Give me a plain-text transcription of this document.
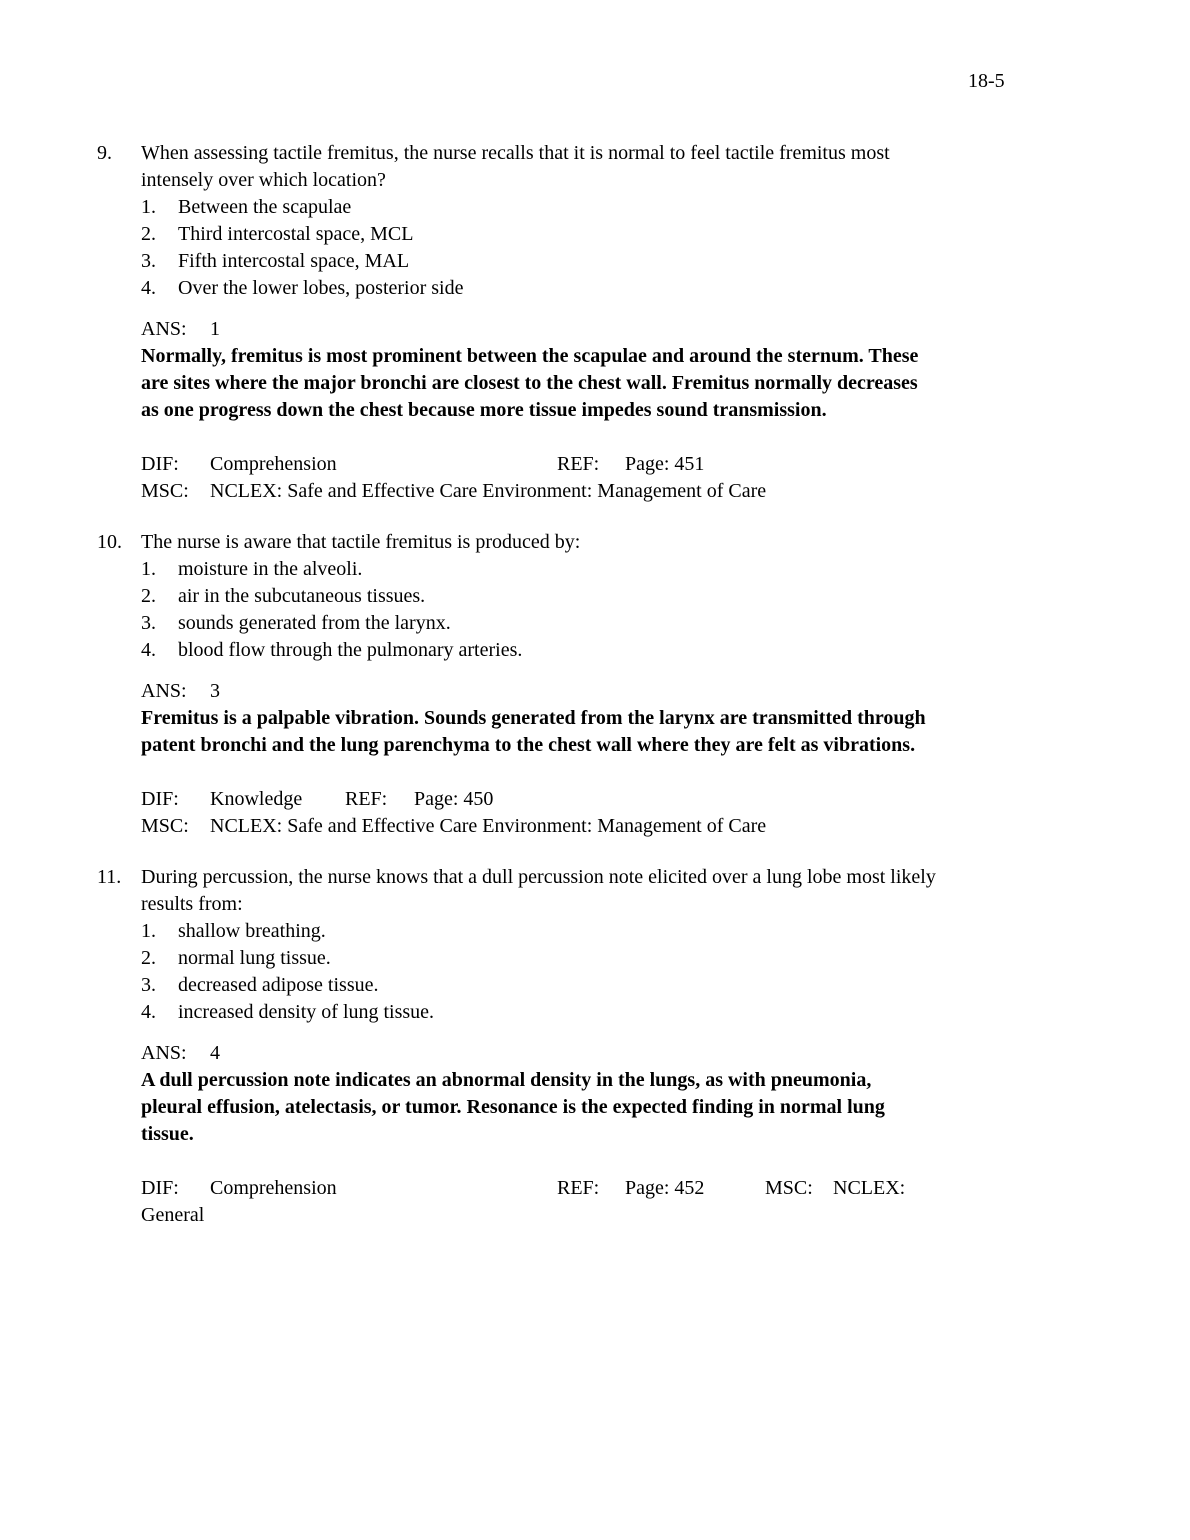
18-5
9.	When assessing tactile fremitus, the nurse recalls that it is normal to feel tactile fremitus most intensely over which location?
1.	Between the scapulae
2.	Third intercostal space, MCL
3.	Fifth intercostal space, MAL
4.	Over the lower lobes, posterior side
ANS: 1
Normally, fremitus is most prominent between the scapulae and around the sternum. These are sites where the major bronchi are closest to the chest wall. Fremitus normally decreases as one progress down the chest because more tissue impedes sound transmission.
DIF: Comprehension	REF: Page: 451
MSC: NCLEX: Safe and Effective Care Environment: Management of Care
10. The nurse is aware that tactile fremitus is produced by:
1.	moisture in the alveoli.
2.	air in the subcutaneous tissues.
3.	sounds generated from the larynx.
4.	blood flow through the pulmonary arteries.
ANS: 3
Fremitus is a palpable vibration. Sounds generated from the larynx are transmitted through patent bronchi and the lung parenchyma to the chest wall where they are felt as vibrations.
DIF: Knowledge REF: Page: 450
MSC: NCLEX: Safe and Effective Care Environment: Management of Care
11. During percussion, the nurse knows that a dull percussion note elicited over a lung lobe most likely results from:
1.	shallow breathing.
2.	normal lung tissue.
3.	decreased adipose tissue.
4.	increased density of lung tissue.
ANS: 4
A dull percussion note indicates an abnormal density in the lungs, as with pneumonia, pleural effusion, atelectasis, or tumor. Resonance is the expected finding in normal lung tissue.
DIF: Comprehension	REF: Page: 452	MSC: NCLEX:
General
